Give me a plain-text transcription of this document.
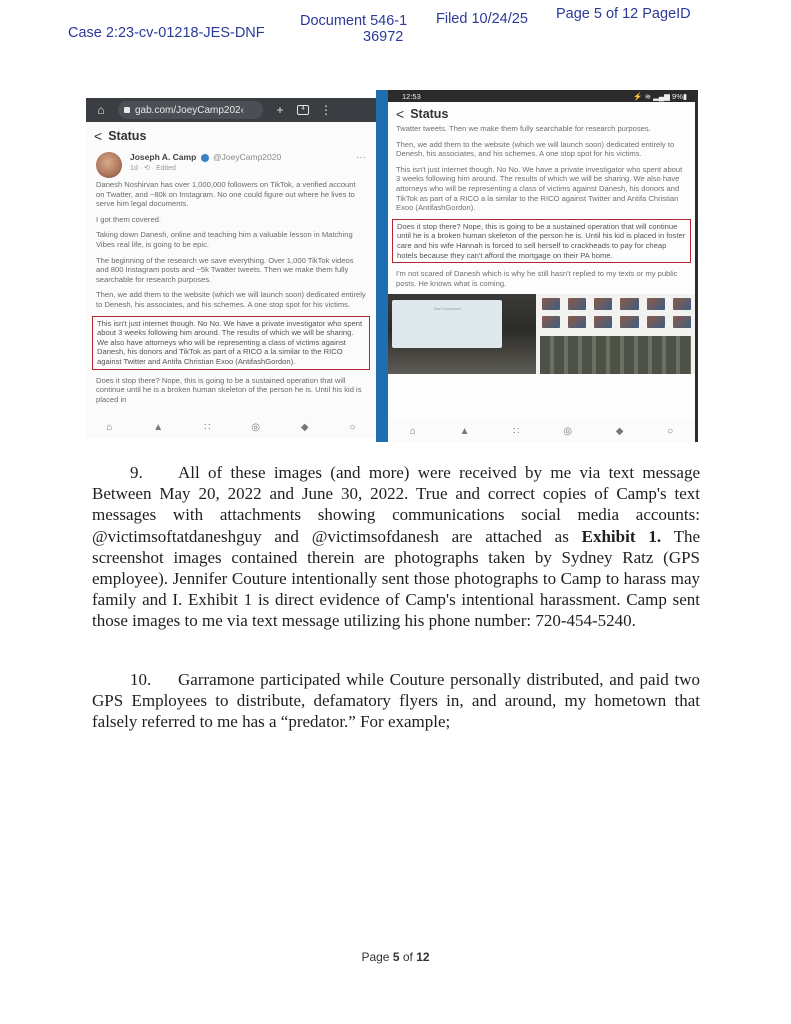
Case 2:23-cv-01218-JES-DNF
Document 546-1
36972
Filed 10/24/25 Page 5 of 12 PageID
⌂	gab.com/JoeyCamp202‹	+	4	⋮
< Status
Joseph A. Camp @JoeyCamp2020
1d · ⟲ · Edited
···

Danesh Noshirvan has over 1,000,000 followers on TikTok, a verified account on Twatter, and ~80k on Instagram. No one could figure out where he lives to serve him legal documents.

I got them covered.

Taking down Danesh, online and teaching him a valuable lesson in Matching Vibes real life, is going to be epic.

The beginning of the research we save everything. Over 1,000 TikTok videos and 800 Instagram posts and ~5k Twatter tweets. Then we make them fully searchable for research purposes.

Then, we add them to the website (which we will launch soon) dedicated entirely to Denesh, his associates, and his schemes. A one stop spot for his victims.

This isn't just internet though. No No. We have a private investigator who spent about 3 weeks following him around. The results of which we will be sharing. We also have attorneys who will be representing a class of victims against Danesh, his donors and TikTok as part of a RICO a la similar to the RICO against Twitter and Antifa Christian Exoo (AntifashGordon).

Does it stop there? Nope, this is going to be a sustained operation that will continue until he is a broken human skeleton of the person he is. Until his kid is placed in

⌂	▲	∷	◎	◆	○
12:53	⚡ ≋ ▂▄▆ 9%▮
< Status

Twatter tweets. Then we make them fully searchable for research purposes.

Then, we add them to the website (which we will launch soon) dedicated entirely to Denesh, his associates, and his schemes. A one stop spot for his victims.

This isn't just internet though. No No. We have a private investigator who spent about 3 weeks following him around. The results of which we will be sharing. We also have attorneys who will be representing a class of victims against Danesh, his donors and TikTok as part of a RICO a la similar to the RICO against Twitter and Antifa Christian Exoo (AntifashGordon).

Does it stop there? Nope, this is going to be a sustained operation that will continue until he is a broken human skeleton of the person he is. Until his kid is placed in foster care and his wife Hannah is forced to sell herself to crackheads to pay for cheap hotels because they can't afford the mortgage on their PA home.

I'm not scared of Danesh which is why he still hasn't replied to my texts or my public posts. He knows what is coming.

Start Download
⌂	▲	∷	◎	◆	○
9. All of these images (and more) were received by me via text message Between May 20, 2022 and June 30, 2022. True and correct copies of Camp's text messages with attachments showing communications social media accounts: @victimsoftatdaneshguy and @victimsofdanesh are attached as Exhibit 1. The screenshot images contained therein are photographs taken by Sydney Ratz (GPS employee). Jennifer Couture intentionally sent those photographs to Camp to harass may family and I. Exhibit 1 is direct evidence of Camp's intentional harassment. Camp sent those images to me via text message utilizing his phone number: 720-454-5240.
10. Garramone participated while Couture personally distributed, and paid two GPS Employees to distribute, defamatory flyers in, and around, my hometown that falsely referred to me has a “predator.” For example;
Page 5 of 12
